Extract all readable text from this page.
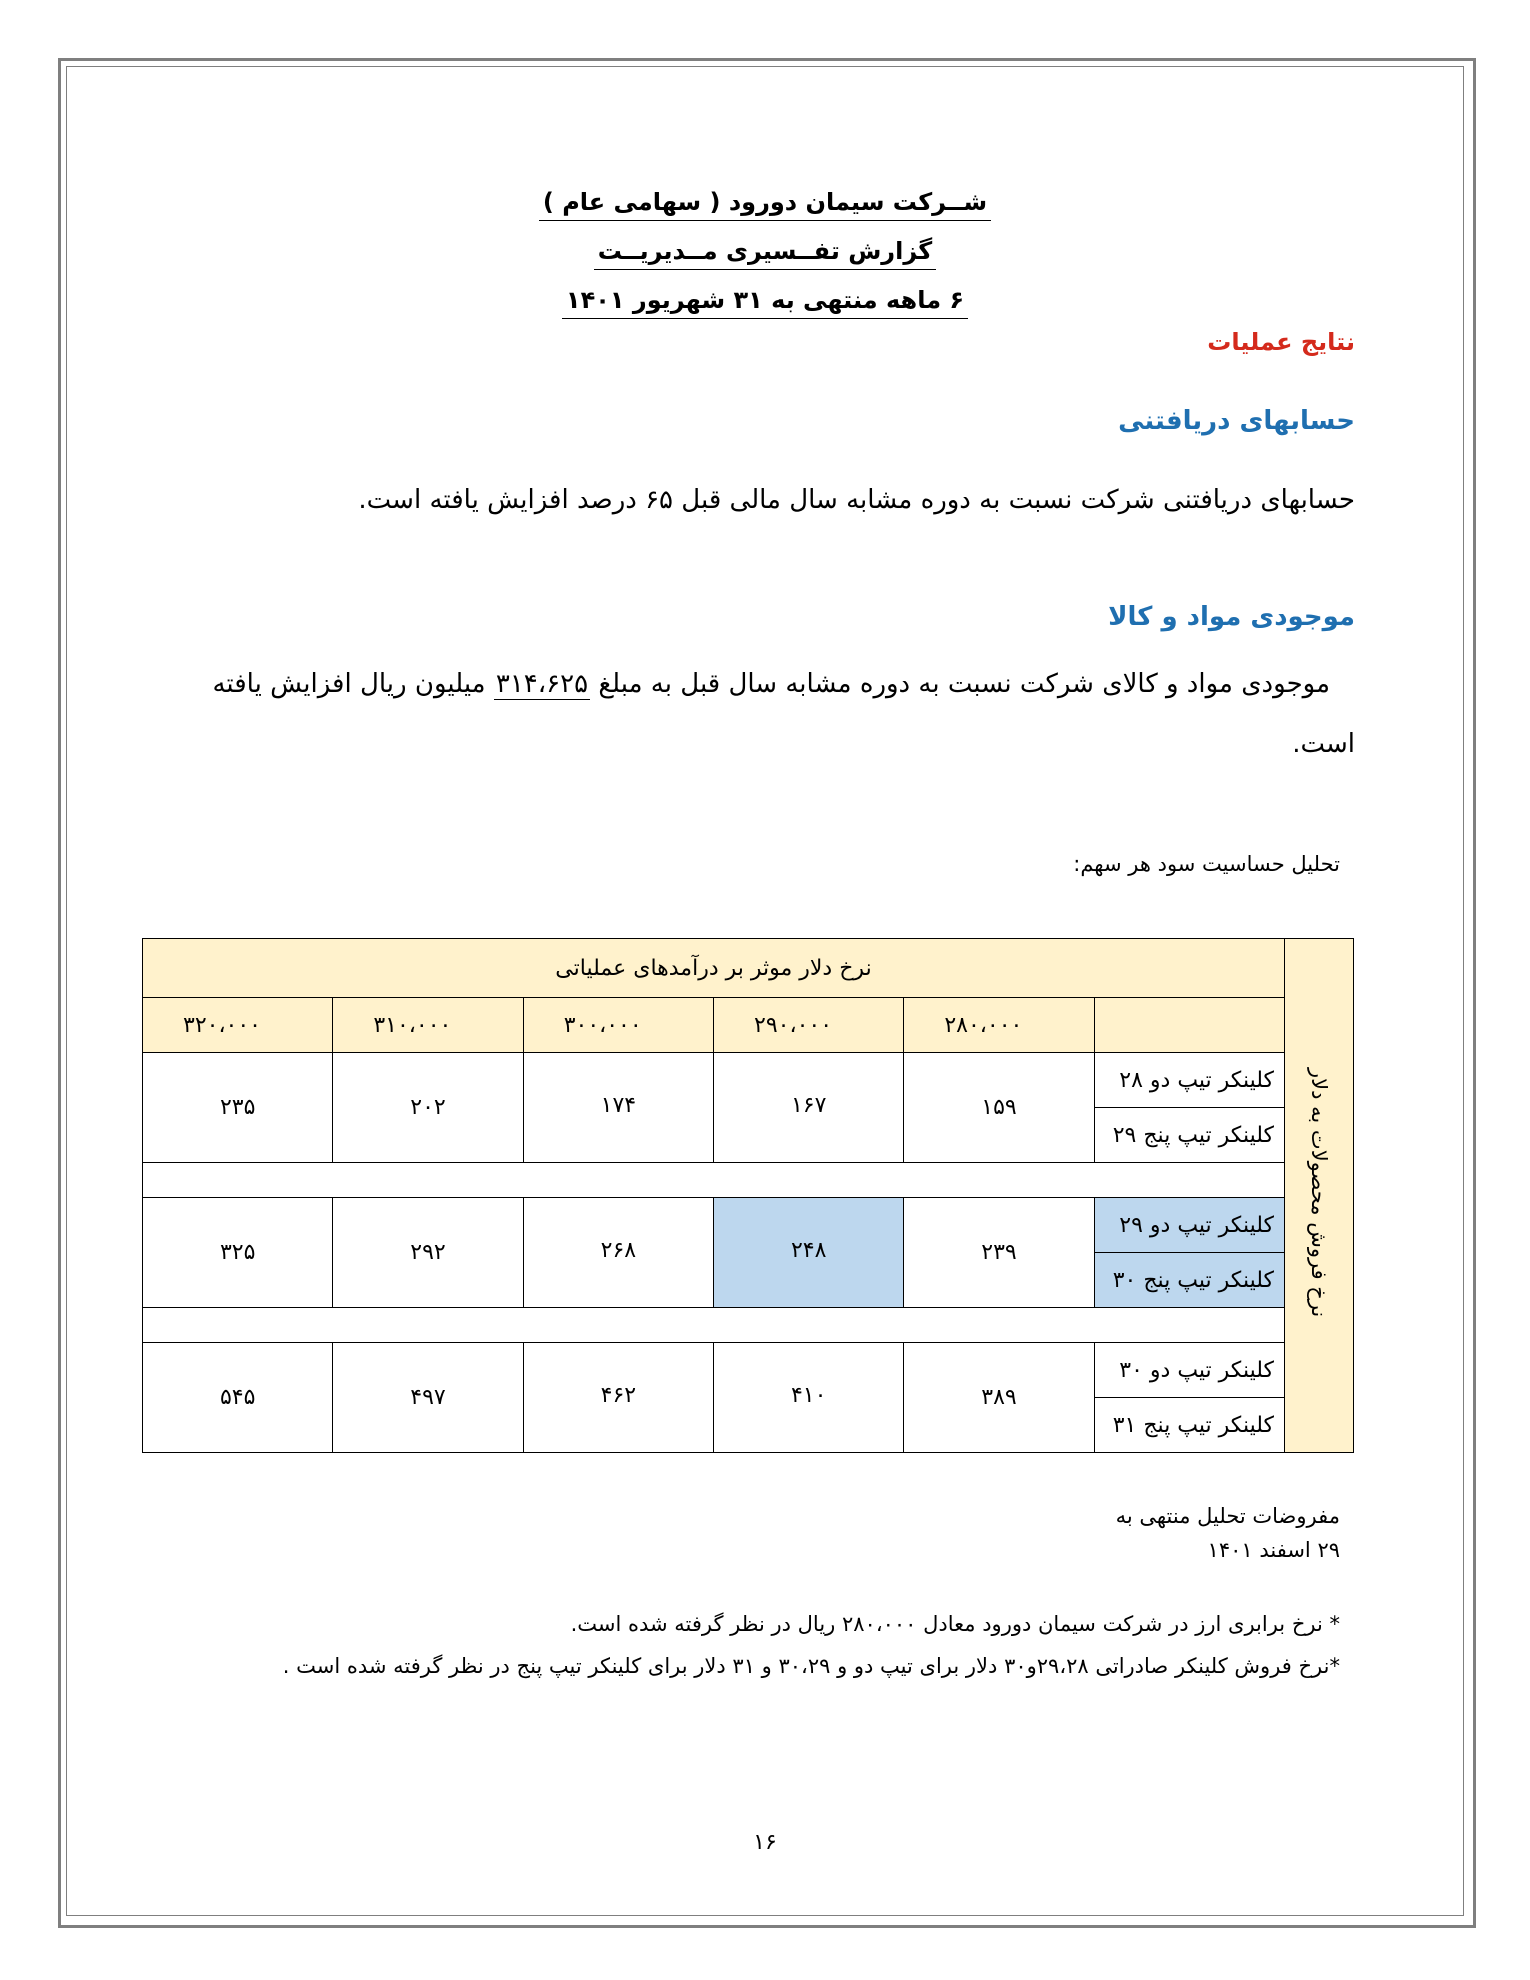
شــرکت سیمان دورود ( سهامی عام )
گزارش تفــسیری مــدیریــت
۶ ماهه منتهی به ۳۱ شهریور ۱۴۰۱
نتایج عملیات
حسابهای دریافتنی
حسابهای دریافتنی شرکت نسبت به دوره مشابه سال مالی قبل ۶۵ درصد افزایش یافته است.
موجودی مواد و کالا
موجودی مواد و کالای شرکت نسبت به دوره مشابه سال قبل به مبلغ ۳۱۴،۶۲۵ میلیون ریال افزایش یافته
است.
تحلیل حساسیت سود هر سهم:
نرخ فروش محصولات به دلار	نرخ دلار موثر بر درآمدهای عملیاتی					
		۲۸۰،۰۰۰	۲۹۰،۰۰۰	۳۰۰،۰۰۰	۳۱۰،۰۰۰	۳۲۰،۰۰۰
	کلینکر تیپ دو ۲۸	۱۵۹	۱۶۷	۱۷۴	۲۰۲	۲۳۵
	کلینکر تیپ پنج ۲۹					

	کلینکر تیپ دو ۲۹	۲۳۹	۲۴۸	۲۶۸	۲۹۲	۳۲۵
	کلینکر تیپ پنج ۳۰					

	کلینکر تیپ دو ۳۰	۳۸۹	۴۱۰	۴۶۲	۴۹۷	۵۴۵
	کلینکر تیپ پنج ۳۱					
مفروضات تحلیل منتهی به
۲۹ اسفند ۱۴۰۱
* نرخ برابری ارز در شرکت سیمان دورود معادل ۲۸۰،۰۰۰ ریال در نظر گرفته شده است.
*نرخ فروش کلینکر صادراتی ۲۹،۲۸و۳۰ دلار برای تیپ دو و ۳۰،۲۹ و ۳۱ دلار برای کلینکر تیپ پنج در نظر گرفته شده است .
۱۶
